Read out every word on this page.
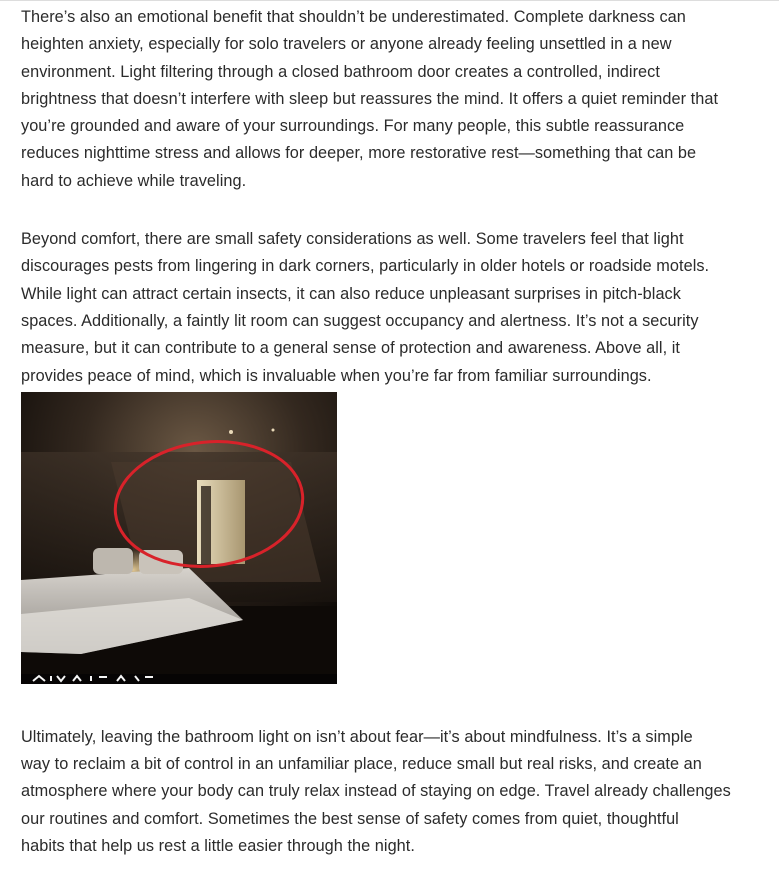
There’s also an emotional benefit that shouldn’t be underestimated. Complete darkness can
heighten anxiety, especially for solo travelers or anyone already feeling unsettled in a new
environment. Light filtering through a closed bathroom door creates a controlled, indirect
brightness that doesn’t interfere with sleep but reassures the mind. It offers a quiet reminder that
you’re grounded and aware of your surroundings. For many people, this subtle reassurance
reduces nighttime stress and allows for deeper, more restorative rest—something that can be
hard to achieve while traveling.

Beyond comfort, there are small safety considerations as well. Some travelers feel that light
discourages pests from lingering in dark corners, particularly in older hotels or roadside motels.
While light can attract certain insects, it can also reduce unpleasant surprises in pitch-black
spaces. Additionally, a faintly lit room can suggest occupancy and alertness. It’s not a security
measure, but it can contribute to a general sense of protection and awareness. Above all, it
provides peace of mind, which is invaluable when you’re far from familiar surroundings.

Ultimately, leaving the bathroom light on isn’t about fear—it’s about mindfulness. It’s a simple
way to reclaim a bit of control in an unfamiliar place, reduce small but real risks, and create an
atmosphere where your body can truly relax instead of staying on edge. Travel already challenges
our routines and comfort. Sometimes the best sense of safety comes from quiet, thoughtful
habits that help us rest a little easier through the night.
